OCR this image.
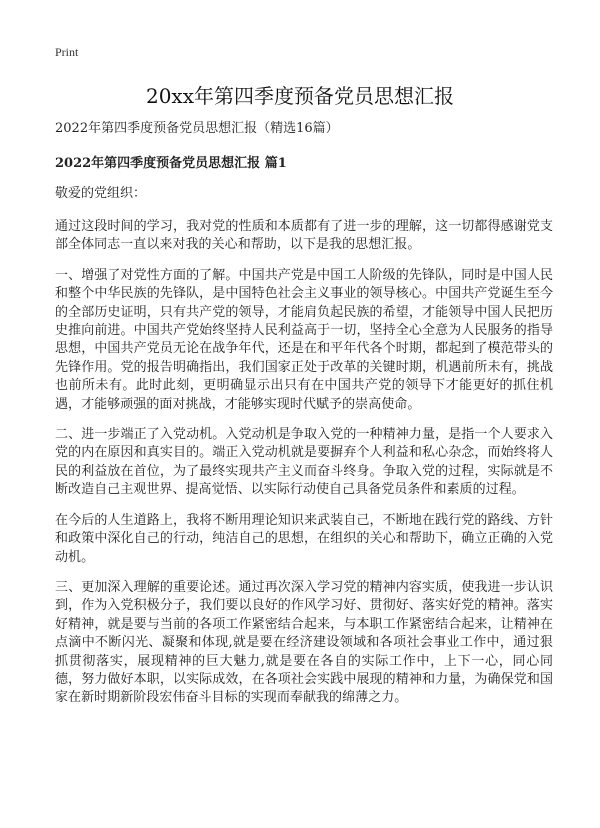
Print
20xx年第四季度预备党员思想汇报

2022年第四季度预备党员思想汇报（精选16篇）

2022年第四季度预备党员思想汇报 篇1

敬爱的党组织：

通过这段时间的学习，我对党的性质和本质都有了进一步的理解，这一切都得感谢党支部全体同志一直以来对我的关心和帮助，以下是我的思想汇报。

一、增强了对党性方面的了解。中国共产党是中国工人阶级的先锋队，同时是中国人民和整个中华民族的先锋队，是中国特色社会主义事业的领导核心。中国共产党诞生至今的全部历史证明，只有共产党的领导，才能肩负起民族的希望，才能领导中国人民把历史推向前进。中国共产党始终坚持人民利益高于一切，坚持全心全意为人民服务的指导思想，中国共产党员无论在战争年代，还是在和平年代各个时期，都起到了模范带头的先锋作用。党的报告明确指出，我们国家正处于改革的关键时期，机遇前所未有，挑战也前所未有。此时此刻，更明确显示出只有在中国共产党的领导下才能更好的抓住机遇，才能够顽强的面对挑战，才能够实现时代赋予的崇高使命。

二、进一步端正了入党动机。入党动机是争取入党的一种精神力量，是指一个人要求入党的内在原因和真实目的。端正入党动机就是要摒弃个人利益和私心杂念，而始终将人民的利益放在首位，为了最终实现共产主义而奋斗终身。争取入党的过程，实际就是不断改造自己主观世界、提高觉悟、以实际行动使自己具备党员条件和素质的过程。

在今后的人生道路上，我将不断用理论知识来武装自己，不断地在践行党的路线、方针和政策中深化自己的行动，纯洁自己的思想，在组织的关心和帮助下，确立正确的入党动机。

三、更加深入理解的重要论述。通过再次深入学习党的精神内容实质，使我进一步认识到，作为入党积极分子，我们要以良好的作风学习好、贯彻好、落实好党的精神。落实好精神，就是要与当前的各项工作紧密结合起来，与本职工作紧密结合起来，让精神在点滴中不断闪光、凝聚和体现,就是要在经济建设领域和各项社会事业工作中，通过狠抓贯彻落实，展现精神的巨大魅力,就是要在各自的实际工作中，上下一心，同心同德，努力做好本职，以实际成效，在各项社会实践中展现的精神和力量，为确保党和国家在新时期新阶段宏伟奋斗目标的实现而奉献我的绵薄之力。
